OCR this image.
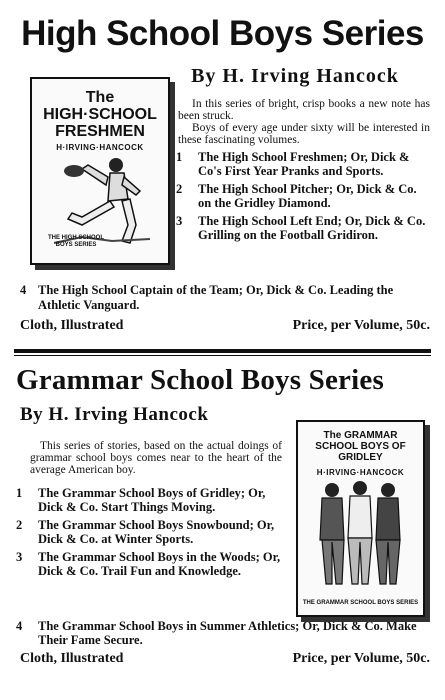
High School Boys Series
By H. Irving Hancock
The HIGH·SCHOOL FRESHMEN
H·IRVING·HANCOCK
THE HIGH SCHOOL BOYS SERIES

In this series of bright, crisp books a new note has been struck.

Boys of every age under sixty will be interested in these fascinating volumes.

1 The High School Freshmen; Or, Dick & Co's First Year Pranks and Sports.
2 The High School Pitcher; Or, Dick & Co. on the Gridley Diamond.
3 The High School Left End; Or, Dick & Co. Grilling on the Football Gridiron.
4 The High School Captain of the Team; Or, Dick & Co. Leading the Athletic Vanguard.
Cloth, Illustrated	Price, per Volume, 50c.
Grammar School Boys Series
By H. Irving Hancock
This series of stories, based on the actual doings of grammar school boys comes near to the heart of the average American boy.
1 The Grammar School Boys of Gridley; Or, Dick & Co. Start Things Moving.
2 The Grammar School Boys Snowbound; Or, Dick & Co. at Winter Sports.
3 The Grammar School Boys in the Woods; Or, Dick & Co. Trail Fun and Knowledge.
4 The Grammar School Boys in Summer Athletics; Or, Dick & Co. Make Their Fame Secure.
The GRAMMAR SCHOOL BOYS OF GRIDLEY
H·IRVING·HANCOCK
THE GRAMMAR SCHOOL BOYS SERIES
Cloth, Illustrated	Price, per Volume, 50c.
